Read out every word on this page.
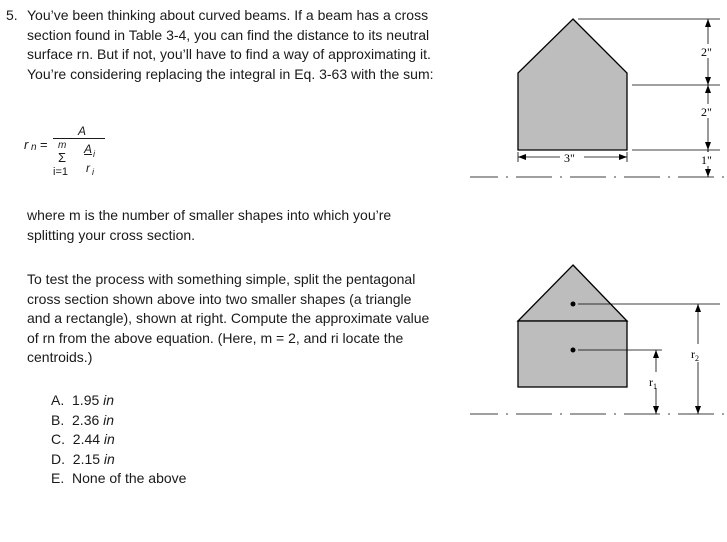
5. You’ve been thinking about curved beams. If a beam has a cross section found in Table 3-4, you can find the distance to its neutral surface rn. But if not, you’ll have to find a way of approximating it. You’re considering replacing the integral in Eq. 3-63 with the sum:
r n =
A
m
Σ
i=1
A i
r i
where m is the number of smaller shapes into which you’re splitting your cross section.
To test the process with something simple, split the pentagonal cross section shown above into two smaller shapes (a triangle and a rectangle), shown at right. Compute the approximate value of rn from the above equation. (Here, m = 2, and ri locate the centroids.)
A. 1.95 in
B. 2.36 in
C. 2.44 in
D. 2.15 in
E. None of the above
2"
2"
1"
3"
$r_1$
$r_2$
